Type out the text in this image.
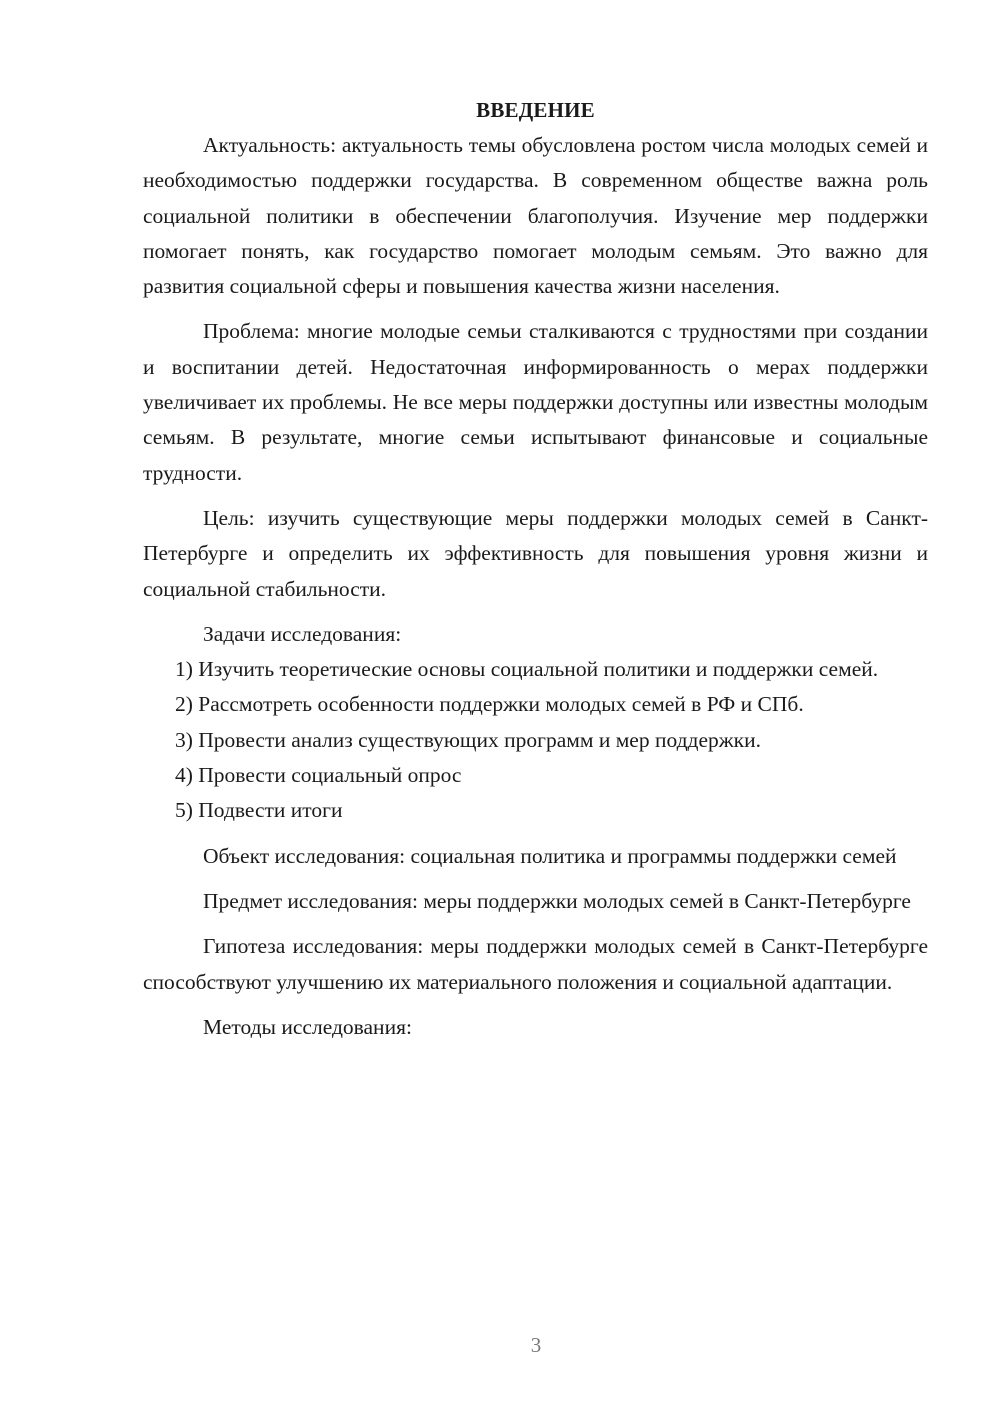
ВВЕДЕНИЕ

Актуальность: актуальность темы обусловлена ростом числа молодых семей и необходимостью поддержки государства. В современном обществе важна роль социальной политики в обеспечении благополучия. Изучение мер поддержки помогает понять, как государство помогает молодым семьям. Это важно для развития социальной сферы и повышения качества жизни населения.

Проблема: многие молодые семьи сталкиваются с трудностями при создании и воспитании детей. Недостаточная информированность о мерах поддержки увеличивает их проблемы. Не все меры поддержки доступны или известны молодым семьям. В результате, многие семьи испытывают финансовые и социальные трудности.

Цель: изучить существующие меры поддержки молодых семей в Санкт-Петербурге и определить их эффективность для повышения уровня жизни и социальной стабильности.

Задачи исследования:

1) Изучить теоретические основы социальной политики и поддержки семей.

2) Рассмотреть особенности поддержки молодых семей в РФ и СПб.

3) Провести анализ существующих программ и мер поддержки.

4) Провести социальный опрос

5) Подвести итоги

Объект исследования: социальная политика и программы поддержки семей

Предмет исследования: меры поддержки молодых семей в Санкт-Петербурге

Гипотеза исследования: меры поддержки молодых семей в Санкт-Петербурге способствуют улучшению их материального положения и социальной адаптации.

Методы исследования:

3
